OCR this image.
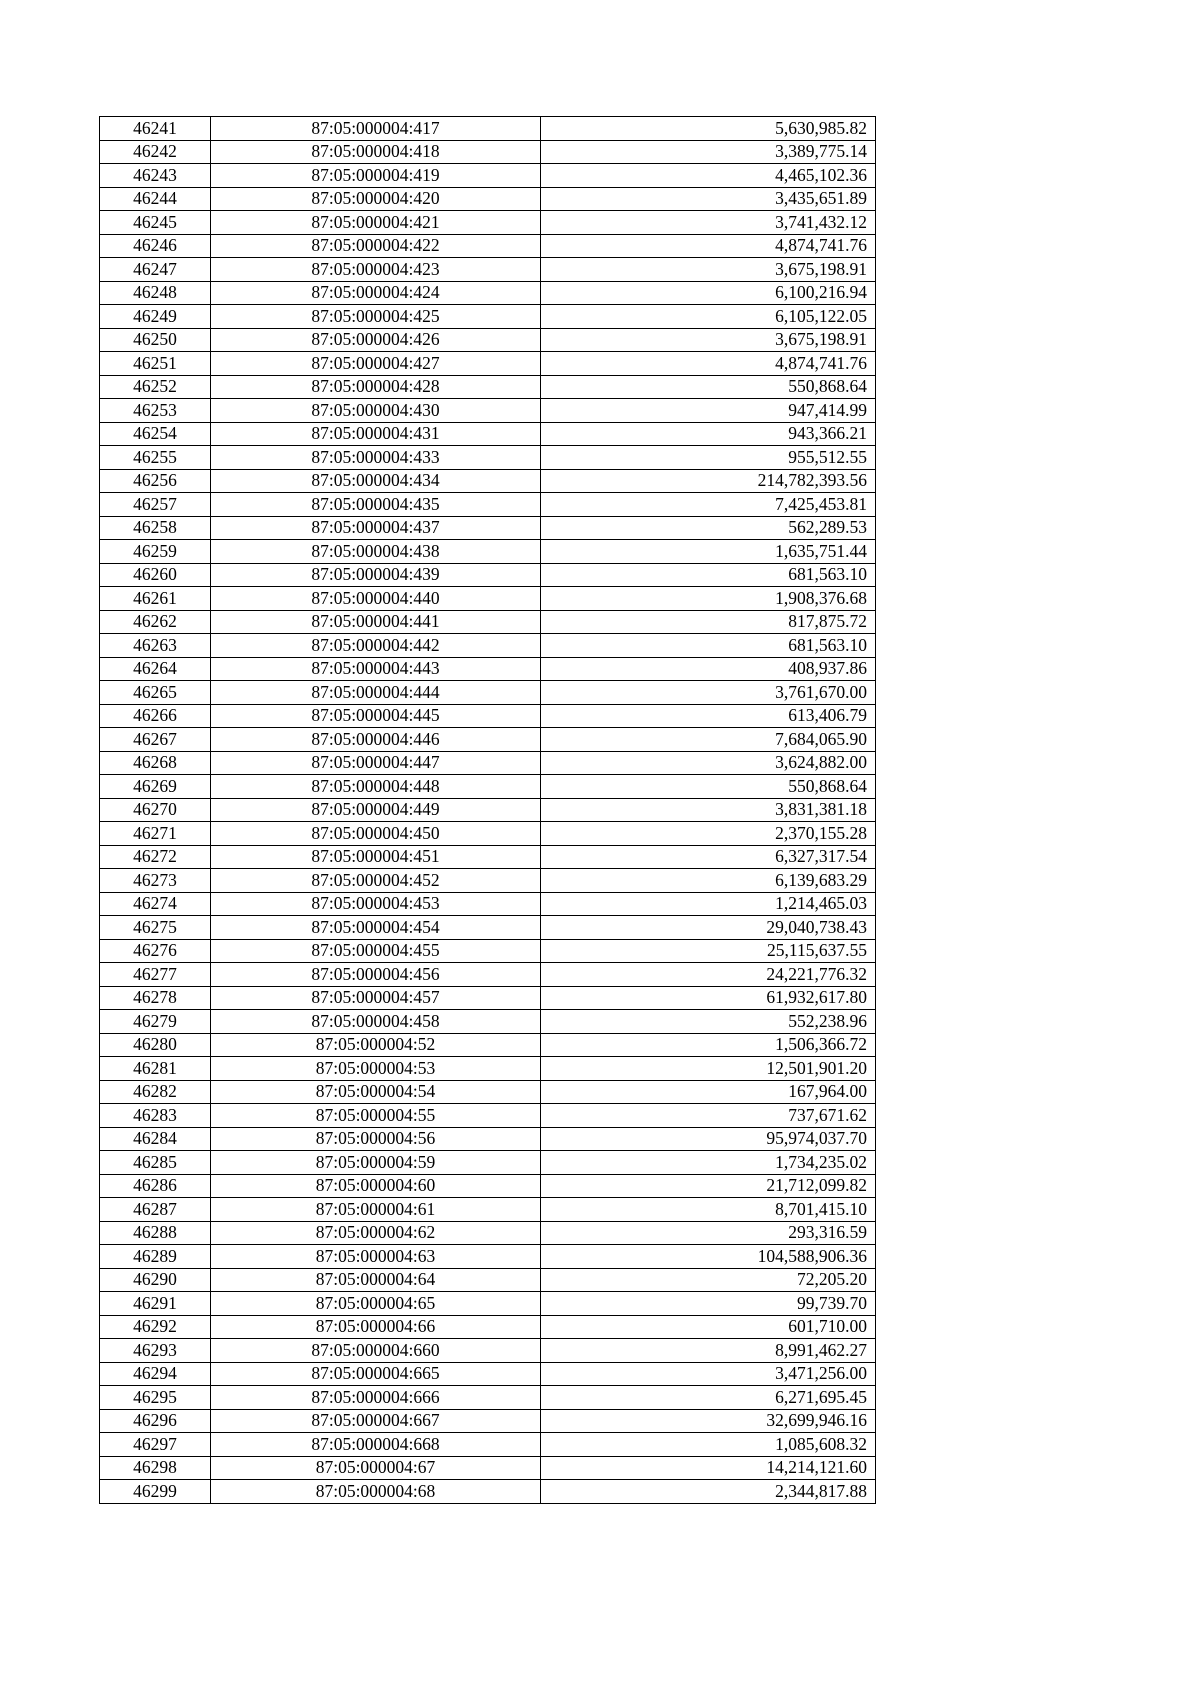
46241	87:05:000004:417	5,630,985.82
46242	87:05:000004:418	3,389,775.14
46243	87:05:000004:419	4,465,102.36
46244	87:05:000004:420	3,435,651.89
46245	87:05:000004:421	3,741,432.12
46246	87:05:000004:422	4,874,741.76
46247	87:05:000004:423	3,675,198.91
46248	87:05:000004:424	6,100,216.94
46249	87:05:000004:425	6,105,122.05
46250	87:05:000004:426	3,675,198.91
46251	87:05:000004:427	4,874,741.76
46252	87:05:000004:428	550,868.64
46253	87:05:000004:430	947,414.99
46254	87:05:000004:431	943,366.21
46255	87:05:000004:433	955,512.55
46256	87:05:000004:434	214,782,393.56
46257	87:05:000004:435	7,425,453.81
46258	87:05:000004:437	562,289.53
46259	87:05:000004:438	1,635,751.44
46260	87:05:000004:439	681,563.10
46261	87:05:000004:440	1,908,376.68
46262	87:05:000004:441	817,875.72
46263	87:05:000004:442	681,563.10
46264	87:05:000004:443	408,937.86
46265	87:05:000004:444	3,761,670.00
46266	87:05:000004:445	613,406.79
46267	87:05:000004:446	7,684,065.90
46268	87:05:000004:447	3,624,882.00
46269	87:05:000004:448	550,868.64
46270	87:05:000004:449	3,831,381.18
46271	87:05:000004:450	2,370,155.28
46272	87:05:000004:451	6,327,317.54
46273	87:05:000004:452	6,139,683.29
46274	87:05:000004:453	1,214,465.03
46275	87:05:000004:454	29,040,738.43
46276	87:05:000004:455	25,115,637.55
46277	87:05:000004:456	24,221,776.32
46278	87:05:000004:457	61,932,617.80
46279	87:05:000004:458	552,238.96
46280	87:05:000004:52	1,506,366.72
46281	87:05:000004:53	12,501,901.20
46282	87:05:000004:54	167,964.00
46283	87:05:000004:55	737,671.62
46284	87:05:000004:56	95,974,037.70
46285	87:05:000004:59	1,734,235.02
46286	87:05:000004:60	21,712,099.82
46287	87:05:000004:61	8,701,415.10
46288	87:05:000004:62	293,316.59
46289	87:05:000004:63	104,588,906.36
46290	87:05:000004:64	72,205.20
46291	87:05:000004:65	99,739.70
46292	87:05:000004:66	601,710.00
46293	87:05:000004:660	8,991,462.27
46294	87:05:000004:665	3,471,256.00
46295	87:05:000004:666	6,271,695.45
46296	87:05:000004:667	32,699,946.16
46297	87:05:000004:668	1,085,608.32
46298	87:05:000004:67	14,214,121.60
46299	87:05:000004:68	2,344,817.88
